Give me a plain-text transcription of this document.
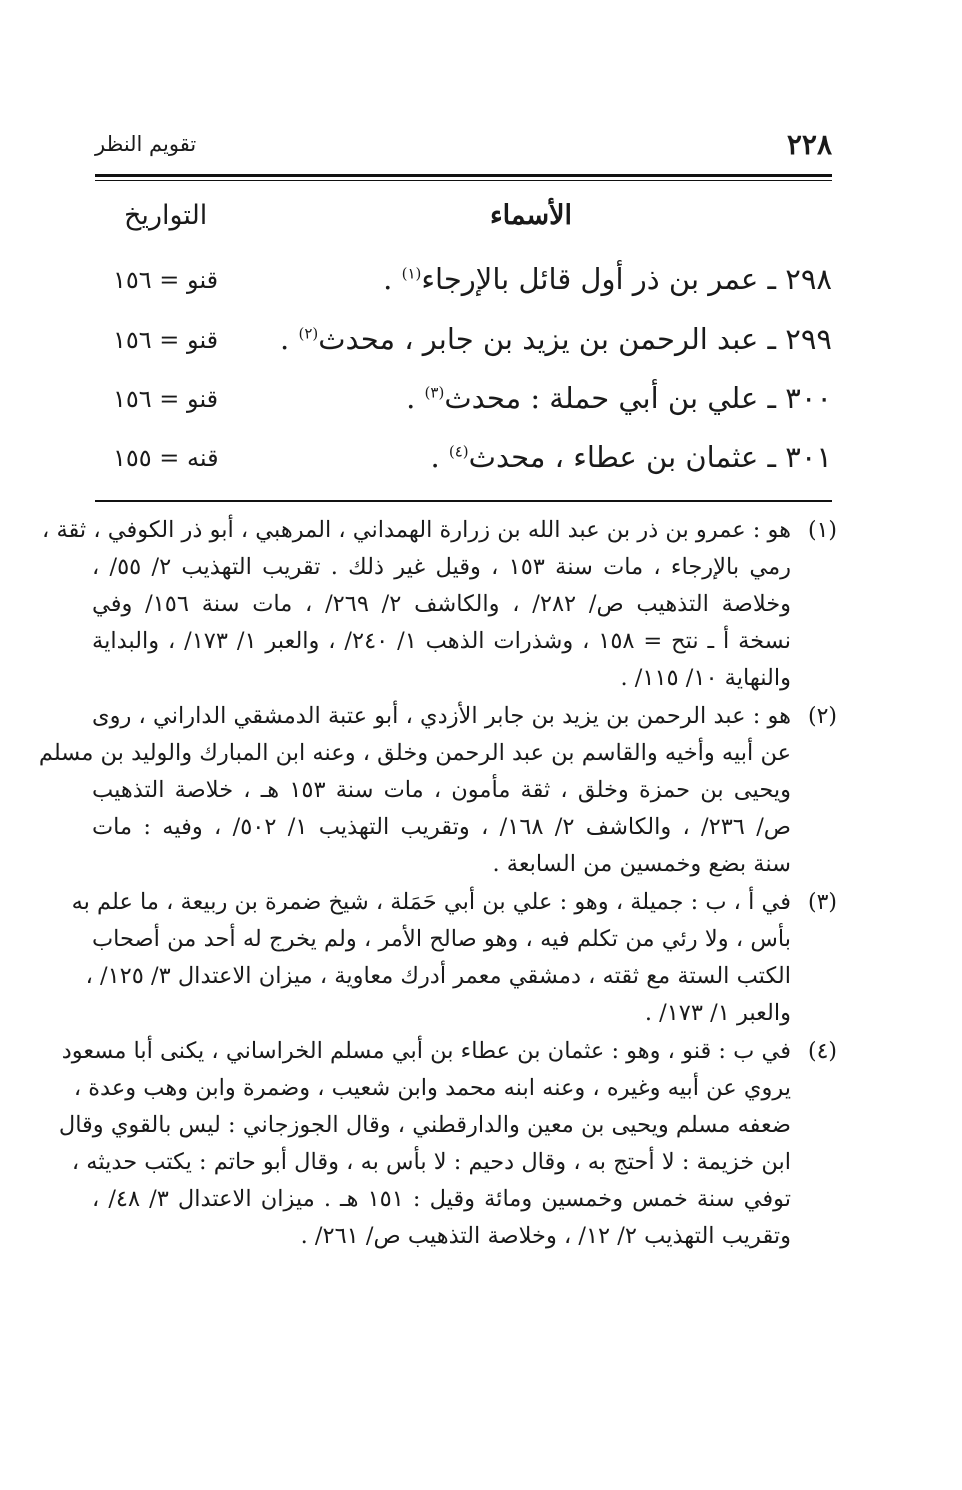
٢٢٨
تقويم النظر
الأسماء
التواريخ
٢٩٨ ـ عمر بن ذر أول قائل بالإرجاء$^{(١)}$ .
قنو = ١٥٦
٢٩٩ ـ عبد الرحمن بن يزيد بن جابر ، محدث$^{(٢)}$ .
قنو = ١٥٦
٣٠٠ ـ علي بن أبي حملة : محدث$^{(٣)}$ .
قنو = ١٥٦
٣٠١ ـ عثمان بن عطاء ، محدث$^{(٤)}$ .
قنه = ١٥٥
(١)
هو : عمرو بن ذر بن عبد الله بن زرارة الهمداني ، المرهبي ، أبو ذر الكوفي ، ثقة ،
رمي بالإرجاء ، مات سنة ١٥٣ ، وقيل غير ذلك . تقريب التهذيب ٢/ ٥٥/ ،
وخلاصة التذهيب ص/ ٢٨٢/ ، والكاشف ٢/ ٢٦٩/ ، مات سنة ١٥٦/ وفي
نسخة أ ـ نتح = ١٥٨ ، وشذرات الذهب ١/ ٢٤٠/ ، والعبر ١/ ١٧٣/ ، والبداية
والنهاية ١٠/ ١١٥/ .
(٢)
هو : عبد الرحمن بن يزيد بن جابر الأزدي ، أبو عتبة الدمشقي الداراني ، روى
عن أبيه وأخيه والقاسم بن عبد الرحمن وخلق ، وعنه ابن المبارك والوليد بن مسلم
ويحيى بن حمزة وخلق ، ثقة مأمون ، مات سنة ١٥٣ هـ ، خلاصة التذهيب
ص/ ٢٣٦/ ، والكاشف ٢/ ١٦٨/ ، وتقريب التهذيب ١/ ٥٠٢/ ، وفيه : مات
سنة بضع وخمسين من السابعة .
(٣)
في أ ، ب : جميلة ، وهو : علي بن أبي حَمَلة ، شيخ ضمرة بن ربيعة ، ما علم به
بأس ، ولا رئي من تكلم فيه ، وهو صالح الأمر ، ولم يخرج له أحد من أصحاب
الكتب الستة مع ثقته ، دمشقي معمر أدرك معاوية ، ميزان الاعتدال ٣/ ١٢٥/ ،
والعبر ١/ ١٧٣/ .
(٤)
في ب : قنو ، وهو : عثمان بن عطاء بن أبي مسلم الخراساني ، يكنى أبا مسعود
يروي عن أبيه وغيره ، وعنه ابنه محمد وابن شعيب ، وضمرة وابن وهب وعدة ،
ضعفه مسلم ويحيى بن معين والدارقطني ، وقال الجوزجاني : ليس بالقوي وقال
ابن خزيمة : لا أحتج به ، وقال دحيم : لا بأس به ، وقال أبو حاتم : يكتب حديثه ،
توفي سنة خمس وخمسين ومائة وقيل : ١٥١ هـ . ميزان الاعتدال ٣/ ٤٨/ ،
وتقريب التهذيب ٢/ ١٢/ ، وخلاصة التذهيب ص/ ٢٦١/ .
